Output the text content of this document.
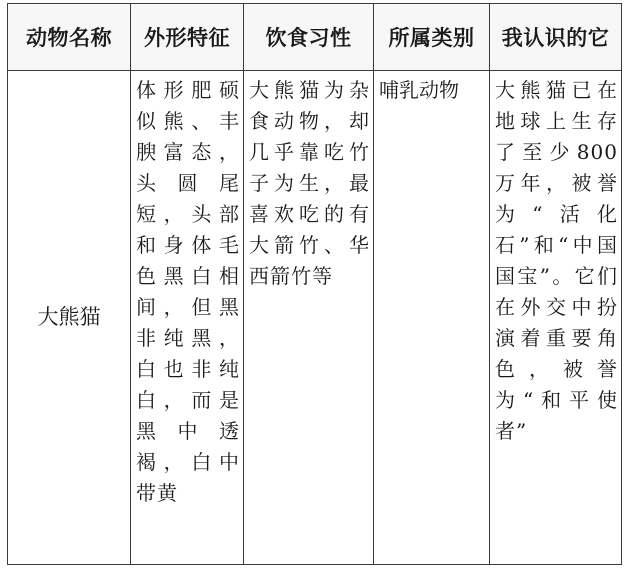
动物名称	外形特征	饮食习性	所属类别	我认识的它
大熊猫	体形肥硕似熊、丰腴富态，头圆尾短，头部和身体毛色黑白相间，但黑非纯黑，白也非纯白，而是黑中透褐，白中带黄	大熊猫为杂食动物，却几乎靠吃竹子为生，最喜欢吃的有大箭竹、华西箭竹等	哺乳动物	大熊猫已在地球上生存了至少800万年，被誉为“活化石”和“中国国宝”。它们在外交中扮演着重要角色，被誉为“和平使者”
